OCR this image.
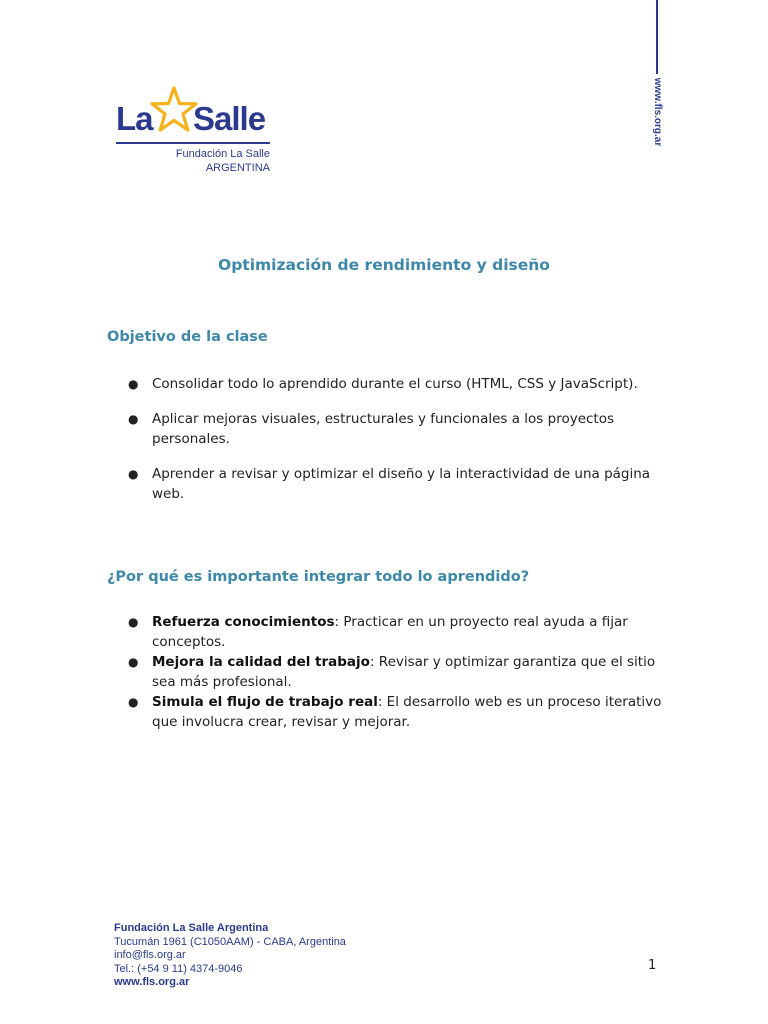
La Salle
Fundación La Salle
ARGENTINA
www.fls.org.ar
Optimización de rendimiento y diseño
Objetivo de la clase
● Consolidar todo lo aprendido durante el curso (HTML, CSS y JavaScript).
● Aplicar mejoras visuales, estructurales y funcionales a los proyectos personales.
● Aprender a revisar y optimizar el diseño y la interactividad de una página web.
¿Por qué es importante integrar todo lo aprendido?
● Refuerza conocimientos: Practicar en un proyecto real ayuda a fijar conceptos.
● Mejora la calidad del trabajo: Revisar y optimizar garantiza que el sitio sea más profesional.
● Simula el flujo de trabajo real: El desarrollo web es un proceso iterativo que involucra crear, revisar y mejorar.
Fundación La Salle Argentina
Tucumán 1961 (C1050AAM) - CABA, Argentina
info@fls.org.ar
Tel.: (+54 9 11) 4374-9046
www.fls.org.ar
1
